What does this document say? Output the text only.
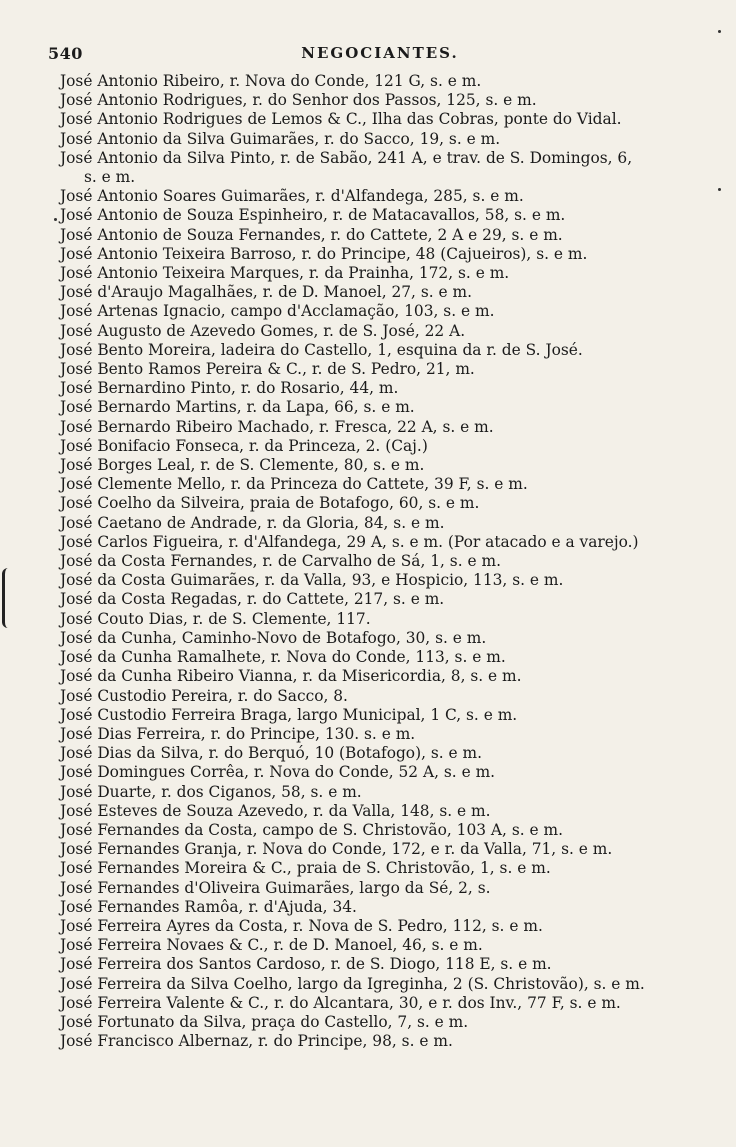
540	NEGOCIANTES.
José Antonio Ribeiro, r. Nova do Conde, 121 G, s. e m.
José Antonio Rodrigues, r. do Senhor dos Passos, 125, s. e m.
José Antonio Rodrigues de Lemos & C., Ilha das Cobras, ponte do Vidal.
José Antonio da Silva Guimarães, r. do Sacco, 19, s. e m.
José Antonio da Silva Pinto, r. de Sabão, 241 A, e trav. de S. Domingos, 6,
s. e m.
José Antonio Soares Guimarães, r. d'Alfandega, 285, s. e m.
José Antonio de Souza Espinheiro, r. de Matacavallos, 58, s. e m.
José Antonio de Souza Fernandes, r. do Cattete, 2 A e 29, s. e m.
José Antonio Teixeira Barroso, r. do Principe, 48 (Cajueiros), s. e m.
José Antonio Teixeira Marques, r. da Prainha, 172, s. e m.
José d'Araujo Magalhães, r. de D. Manoel, 27, s. e m.
José Artenas Ignacio, campo d'Acclamação, 103, s. e m.
José Augusto de Azevedo Gomes, r. de S. José, 22 A.
José Bento Moreira, ladeira do Castello, 1, esquina da r. de S. José.
José Bento Ramos Pereira & C., r. de S. Pedro, 21, m.
José Bernardino Pinto, r. do Rosario, 44, m.
José Bernardo Martins, r. da Lapa, 66, s. e m.
José Bernardo Ribeiro Machado, r. Fresca, 22 A, s. e m.
José Bonifacio Fonseca, r. da Princeza, 2. (Caj.)
José Borges Leal, r. de S. Clemente, 80, s. e m.
José Clemente Mello, r. da Princeza do Cattete, 39 F, s. e m.
José Coelho da Silveira, praia de Botafogo, 60, s. e m.
José Caetano de Andrade, r. da Gloria, 84, s. e m.
José Carlos Figueira, r. d'Alfandega, 29 A, s. e m. (Por atacado e a varejo.)
José da Costa Fernandes, r. de Carvalho de Sá, 1, s. e m.
José da Costa Guimarães, r. da Valla, 93, e Hospicio, 113, s. e m.
José da Costa Regadas, r. do Cattete, 217, s. e m.
José Couto Dias, r. de S. Clemente, 117.
José da Cunha, Caminho-Novo de Botafogo, 30, s. e m.
José da Cunha Ramalhete, r. Nova do Conde, 113, s. e m.
José da Cunha Ribeiro Vianna, r. da Misericordia, 8, s. e m.
José Custodio Pereira, r. do Sacco, 8.
José Custodio Ferreira Braga, largo Municipal, 1 C, s. e m.
José Dias Ferreira, r. do Principe, 130. s. e m.
José Dias da Silva, r. do Berquó, 10 (Botafogo), s. e m.
José Domingues Corrêa, r. Nova do Conde, 52 A, s. e m.
José Duarte, r. dos Ciganos, 58, s. e m.
José Esteves de Souza Azevedo, r. da Valla, 148, s. e m.
José Fernandes da Costa, campo de S. Christovão, 103 A, s. e m.
José Fernandes Granja, r. Nova do Conde, 172, e r. da Valla, 71, s. e m.
José Fernandes Moreira & C., praia de S. Christovão, 1, s. e m.
José Fernandes d'Oliveira Guimarães, largo da Sé, 2, s.
José Fernandes Ramôa, r. d'Ajuda, 34.
José Ferreira Ayres da Costa, r. Nova de S. Pedro, 112, s. e m.
José Ferreira Novaes & C., r. de D. Manoel, 46, s. e m.
José Ferreira dos Santos Cardoso, r. de S. Diogo, 118 E, s. e m.
José Ferreira da Silva Coelho, largo da Igreginha, 2 (S. Christovão), s. e m.
José Ferreira Valente & C., r. do Alcantara, 30, e r. dos Inv., 77 F, s. e m.
José Fortunato da Silva, praça do Castello, 7, s. e m.
José Francisco Albernaz, r. do Principe, 98, s. e m.
